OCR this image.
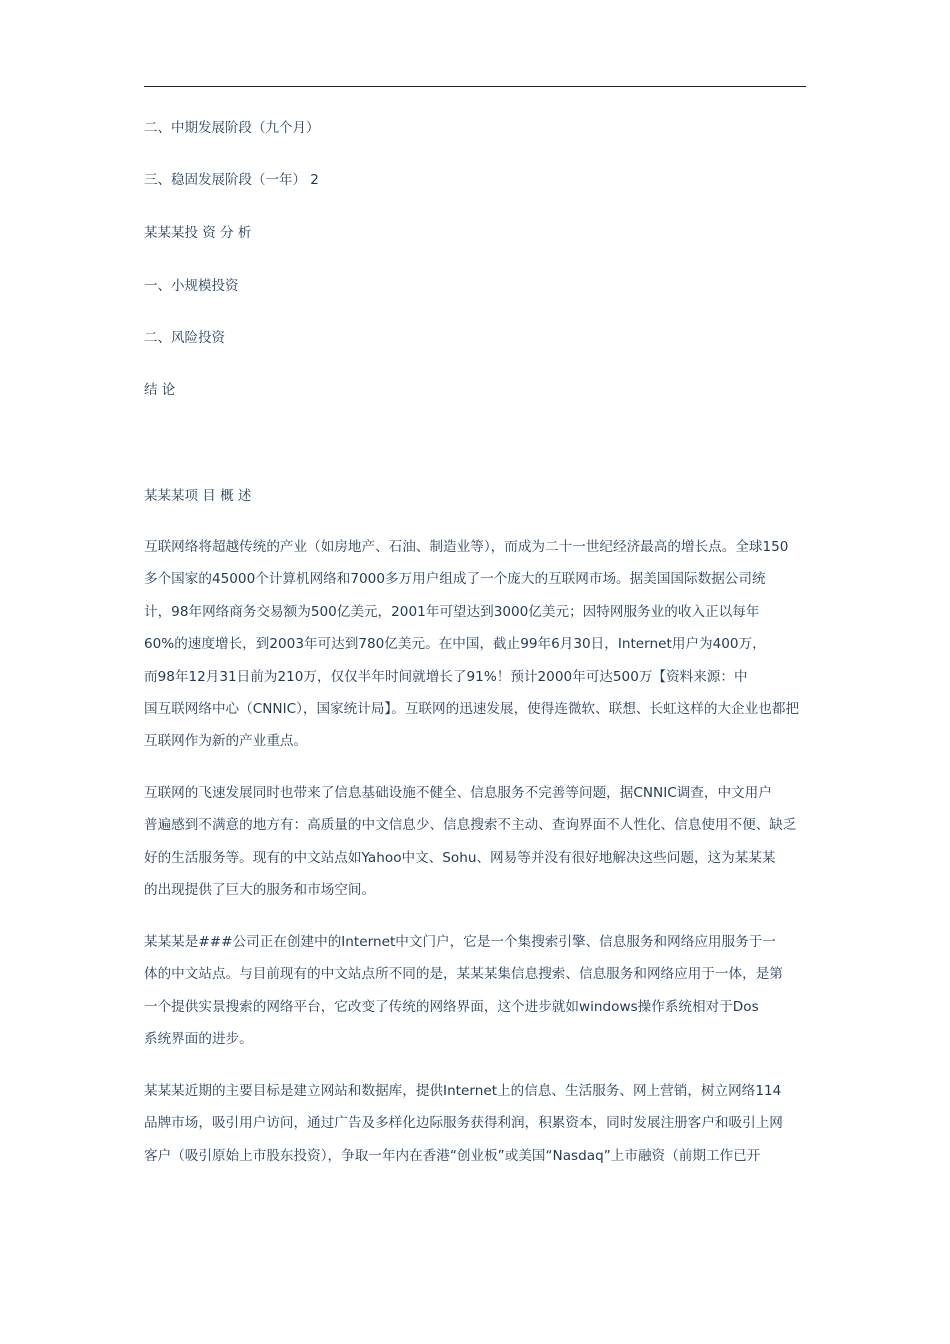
二、中期发展阶段（九个月）
三、稳固发展阶段（一年） 2
某某某投 资 分 析
一、小规模投资
二、风险投资
结 论
某某某项 目 概 述
互联网络将超越传统的产业（如房地产、石油、制造业等），而成为二十一世纪经济最高的增长点。全球150
多个国家的45000个计算机网络和7000多万用户组成了一个庞大的互联网市场。据美国国际数据公司统
计，98年网络商务交易额为500亿美元，2001年可望达到3000亿美元；因特网服务业的收入正以每年
60%的速度增长，到2003年可达到780亿美元。在中国，截止99年6月30日，Internet用户为400万，
而98年12月31日前为210万，仅仅半年时间就增长了91%！预计2000年可达500万【资料来源：中
国互联网络中心（CNNIC），国家统计局】。互联网的迅速发展，使得连微软、联想、长虹这样的大企业也都把
互联网作为新的产业重点。
互联网的飞速发展同时也带来了信息基础设施不健全、信息服务不完善等问题，据CNNIC调查，中文用户
普遍感到不满意的地方有：高质量的中文信息少、信息搜索不主动、查询界面不人性化、信息使用不便、缺乏
好的生活服务等。现有的中文站点如Yahoo中文、Sohu、网易等并没有很好地解决这些问题，这为某某某
的出现提供了巨大的服务和市场空间。
某某某是###公司正在创建中的Internet中文门户，它是一个集搜索引擎、信息服务和网络应用服务于一
体的中文站点。与目前现有的中文站点所不同的是，某某某集信息搜索、信息服务和网络应用于一体，是第
一个提供实景搜索的网络平台，它改变了传统的网络界面，这个进步就如windows操作系统相对于Dos
系统界面的进步。
某某某近期的主要目标是建立网站和数据库，提供Internet上的信息、生活服务、网上营销，树立网络114
品牌市场，吸引用户访问，通过广告及多样化边际服务获得利润，积累资本，同时发展注册客户和吸引上网
客户（吸引原始上市股东投资），争取一年内在香港“创业板”或美国“Nasdaq”上市融资（前期工作已开
